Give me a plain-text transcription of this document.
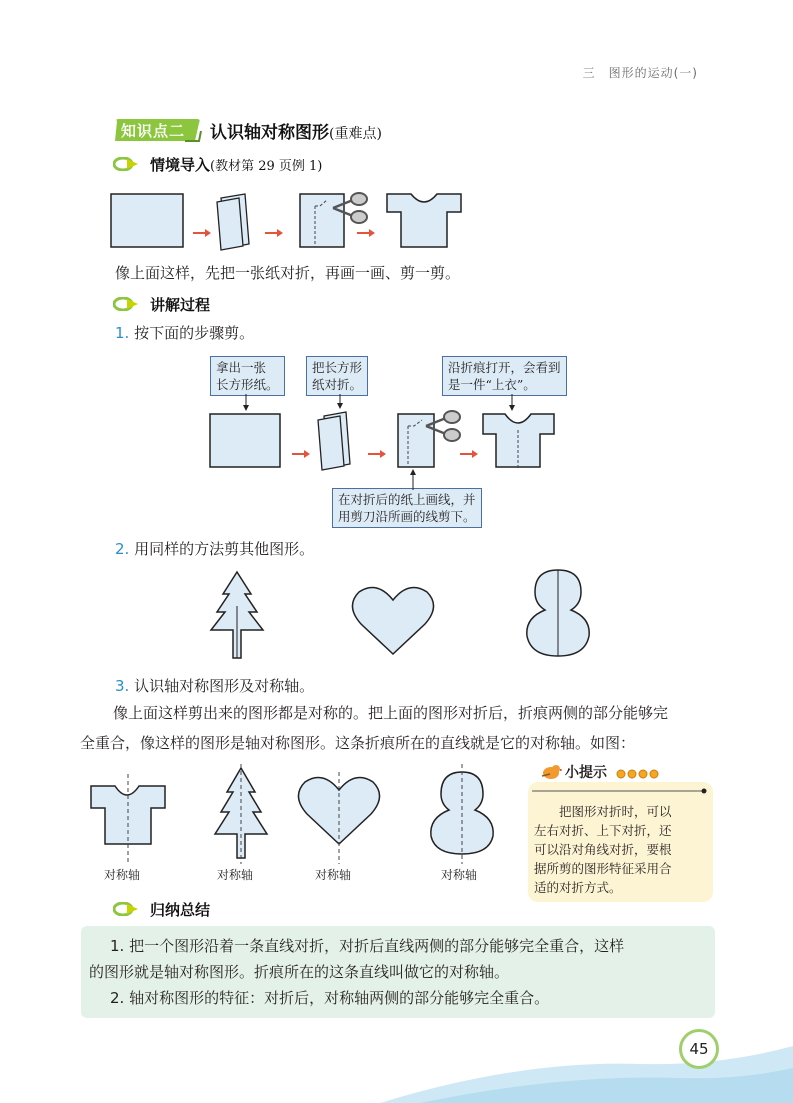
三　图形的运动(一)
知识点二 认识轴对称图形(重难点)
情境导入(教材第 29 页例 1)
像上面这样，先把一张纸对折，再画一画、剪一剪。
讲解过程
1. 按下面的步骤剪。
拿出一张
长方形纸。
把长方形
纸对折。
沿折痕打开，会看到
是一件“上衣”。
在对折后的纸上画线，并
用剪刀沿所画的线剪下。
2. 用同样的方法剪其他图形。
3. 认识轴对称图形及对称轴。
像上面这样剪出来的图形都是对称的。把上面的图形对折后，折痕两侧的部分能够完
全重合，像这样的图形是轴对称图形。这条折痕所在的直线就是它的对称轴。如图：
对称轴	对称轴	对称轴	对称轴
小提示
　　把图形对折时，可以
左右对折、上下对折，还
可以沿对角线对折，要根
据所剪的图形特征采用合
适的对折方式。
归纳总结
　1. 把一个图形沿着一条直线对折，对折后直线两侧的部分能够完全重合，这样
的图形就是轴对称图形。折痕所在的这条直线叫做它的对称轴。
　2. 轴对称图形的特征：对折后，对称轴两侧的部分能够完全重合。
45
